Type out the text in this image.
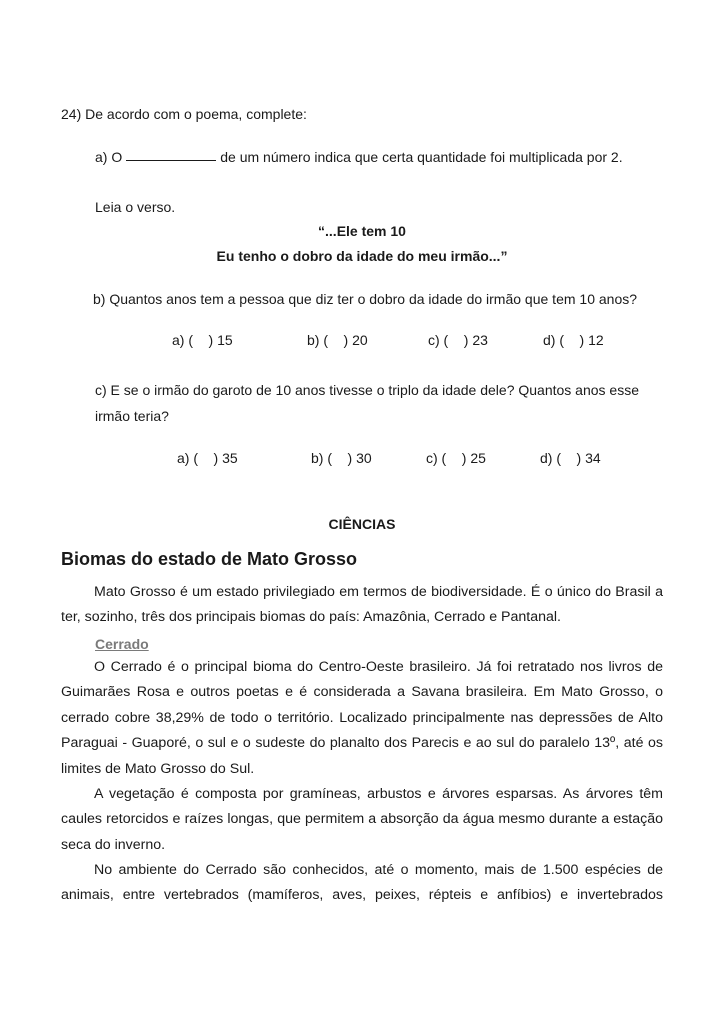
24) De acordo com o poema, complete:
a) O	de um número indica que certa quantidade foi multiplicada por 2.
Leia o verso.
“...Ele tem 10
Eu tenho o dobro da idade do meu irmão...”
b) Quantos anos tem a pessoa que diz ter o dobro da idade do irmão que tem 10 anos?
a) (    ) 15	b) (    ) 20	c) (    ) 23	d) (    ) 12
c) E se o irmão do garoto de 10 anos tivesse o triplo da idade dele? Quantos anos esse
irmão teria?
a) (    ) 35	b) (    ) 30	c) (    ) 25	d) (    ) 34
CIÊNCIAS
Biomas do estado de Mato Grosso
Mato Grosso é um estado privilegiado em termos de biodiversidade. É o único do Brasil a ter, sozinho, três dos principais biomas do país: Amazônia, Cerrado e Pantanal.
Cerrado
O Cerrado é o principal bioma do Centro-Oeste brasileiro. Já foi retratado nos livros de Guimarães Rosa e outros poetas e é considerada a Savana brasileira. Em Mato Grosso, o cerrado cobre 38,29% de todo o território. Localizado principalmente nas depressões de Alto Paraguai - Guaporé, o sul e o sudeste do planalto dos Parecis e ao sul do paralelo 13º, até os limites de Mato Grosso do Sul.
A vegetação é composta por gramíneas, arbustos e árvores esparsas. As árvores têm caules retorcidos e raízes longas, que permitem a absorção da água mesmo durante a estação seca do inverno.
No ambiente do Cerrado são conhecidos, até o momento, mais de 1.500 espécies de animais, entre vertebrados (mamíferos, aves, peixes, répteis e anfíbios) e invertebrados
